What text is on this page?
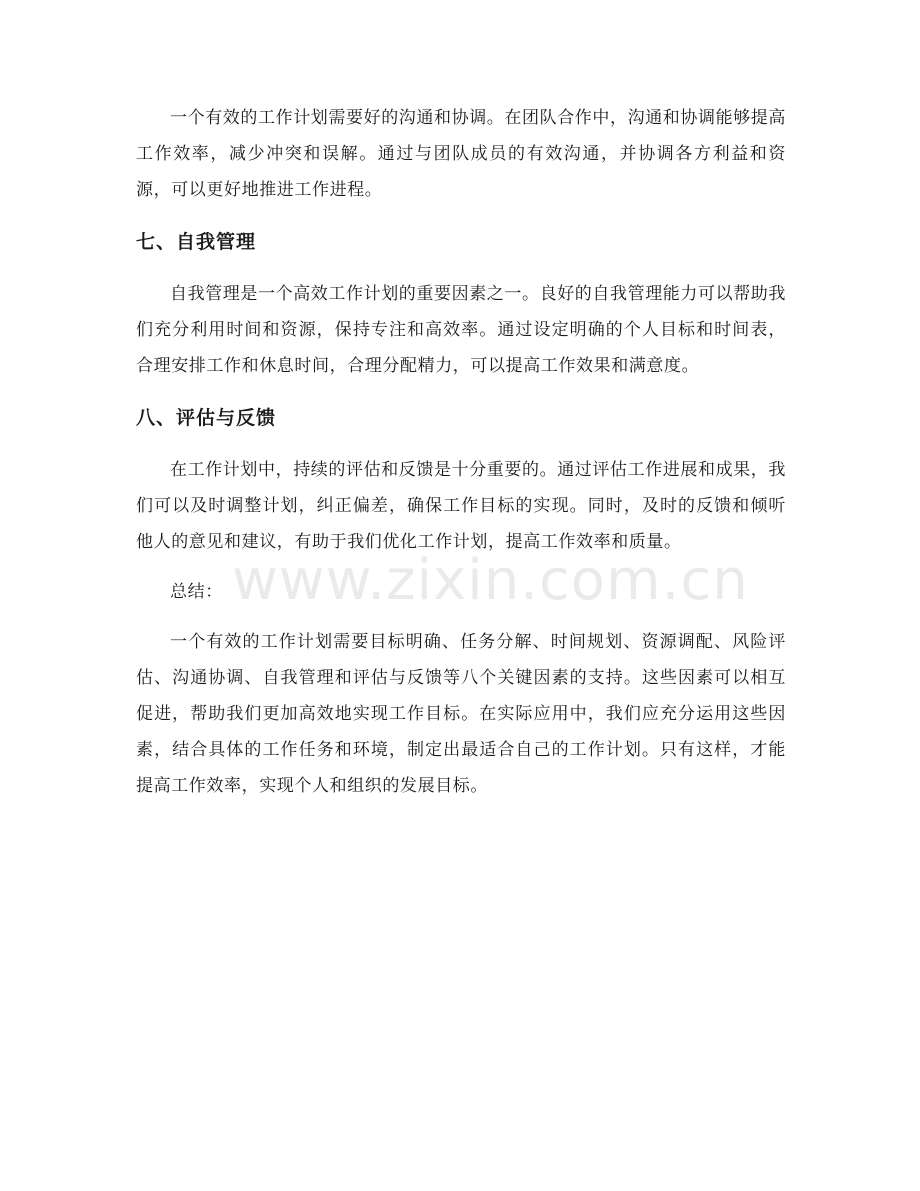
一个有效的工作计划需要好的沟通和协调。在团队合作中，沟通和协调能够提高工作效率，减少冲突和误解。通过与团队成员的有效沟通，并协调各方利益和资源，可以更好地推进工作进程。

七、自我管理

自我管理是一个高效工作计划的重要因素之一。良好的自我管理能力可以帮助我们充分利用时间和资源，保持专注和高效率。通过设定明确的个人目标和时间表，合理安排工作和休息时间，合理分配精力，可以提高工作效果和满意度。

八、评估与反馈

在工作计划中，持续的评估和反馈是十分重要的。通过评估工作进展和成果，我们可以及时调整计划，纠正偏差，确保工作目标的实现。同时，及时的反馈和倾听他人的意见和建议，有助于我们优化工作计划，提高工作效率和质量。

总结：

一个有效的工作计划需要目标明确、任务分解、时间规划、资源调配、风险评估、沟通协调、自我管理和评估与反馈等八个关键因素的支持。这些因素可以相互促进，帮助我们更加高效地实现工作目标。在实际应用中，我们应充分运用这些因素，结合具体的工作任务和环境，制定出最适合自己的工作计划。只有这样，才能提高工作效率，实现个人和组织的发展目标。

www.zixin.com.cn
